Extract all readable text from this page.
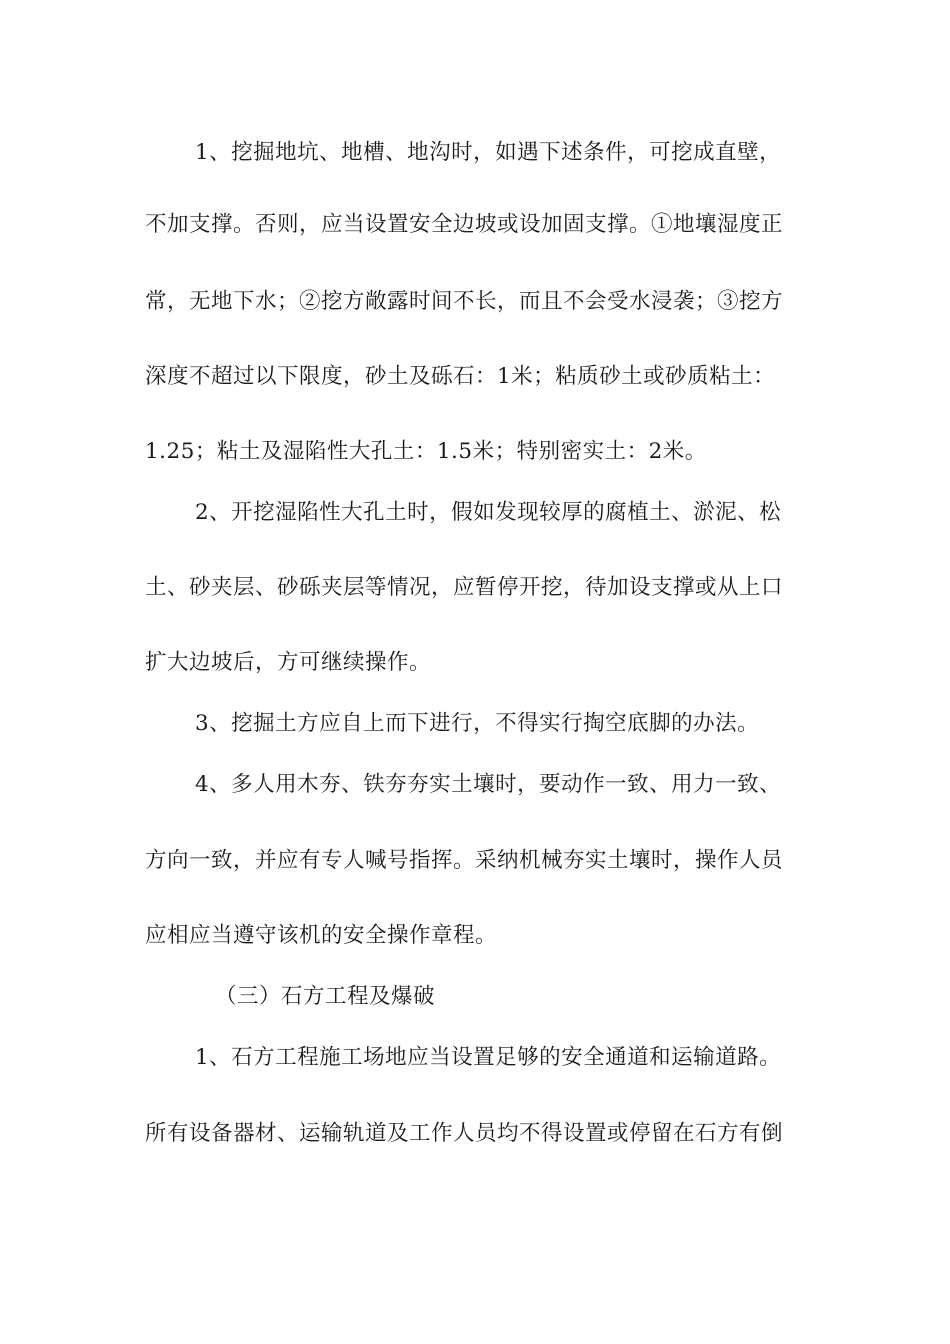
1、挖掘地坑、地槽、地沟时，如遇下述条件，可挖成直壁，
不加支撑。否则，应当设置安全边坡或设加固支撑。①地壤湿度正
常，无地下水；②挖方敞露时间不长，而且不会受水浸袭；③挖方
深度不超过以下限度，砂土及砾石：1米；粘质砂土或砂质粘土：
1.25；粘土及湿陷性大孔土：1.5米；特别密实土：2米。
2、开挖湿陷性大孔土时，假如发现较厚的腐植土、淤泥、松
土、砂夹层、砂砾夹层等情况，应暂停开挖，待加设支撑或从上口
扩大边坡后，方可继续操作。
3、挖掘土方应自上而下进行，不得实行掏空底脚的办法。
4、多人用木夯、铁夯夯实土壤时，要动作一致、用力一致、
方向一致，并应有专人喊号指挥。采纳机械夯实土壤时，操作人员
应相应当遵守该机的安全操作章程。
（三）石方工程及爆破
1、石方工程施工场地应当设置足够的安全通道和运输道路。
所有设备器材、运输轨道及工作人员均不得设置或停留在石方有倒
